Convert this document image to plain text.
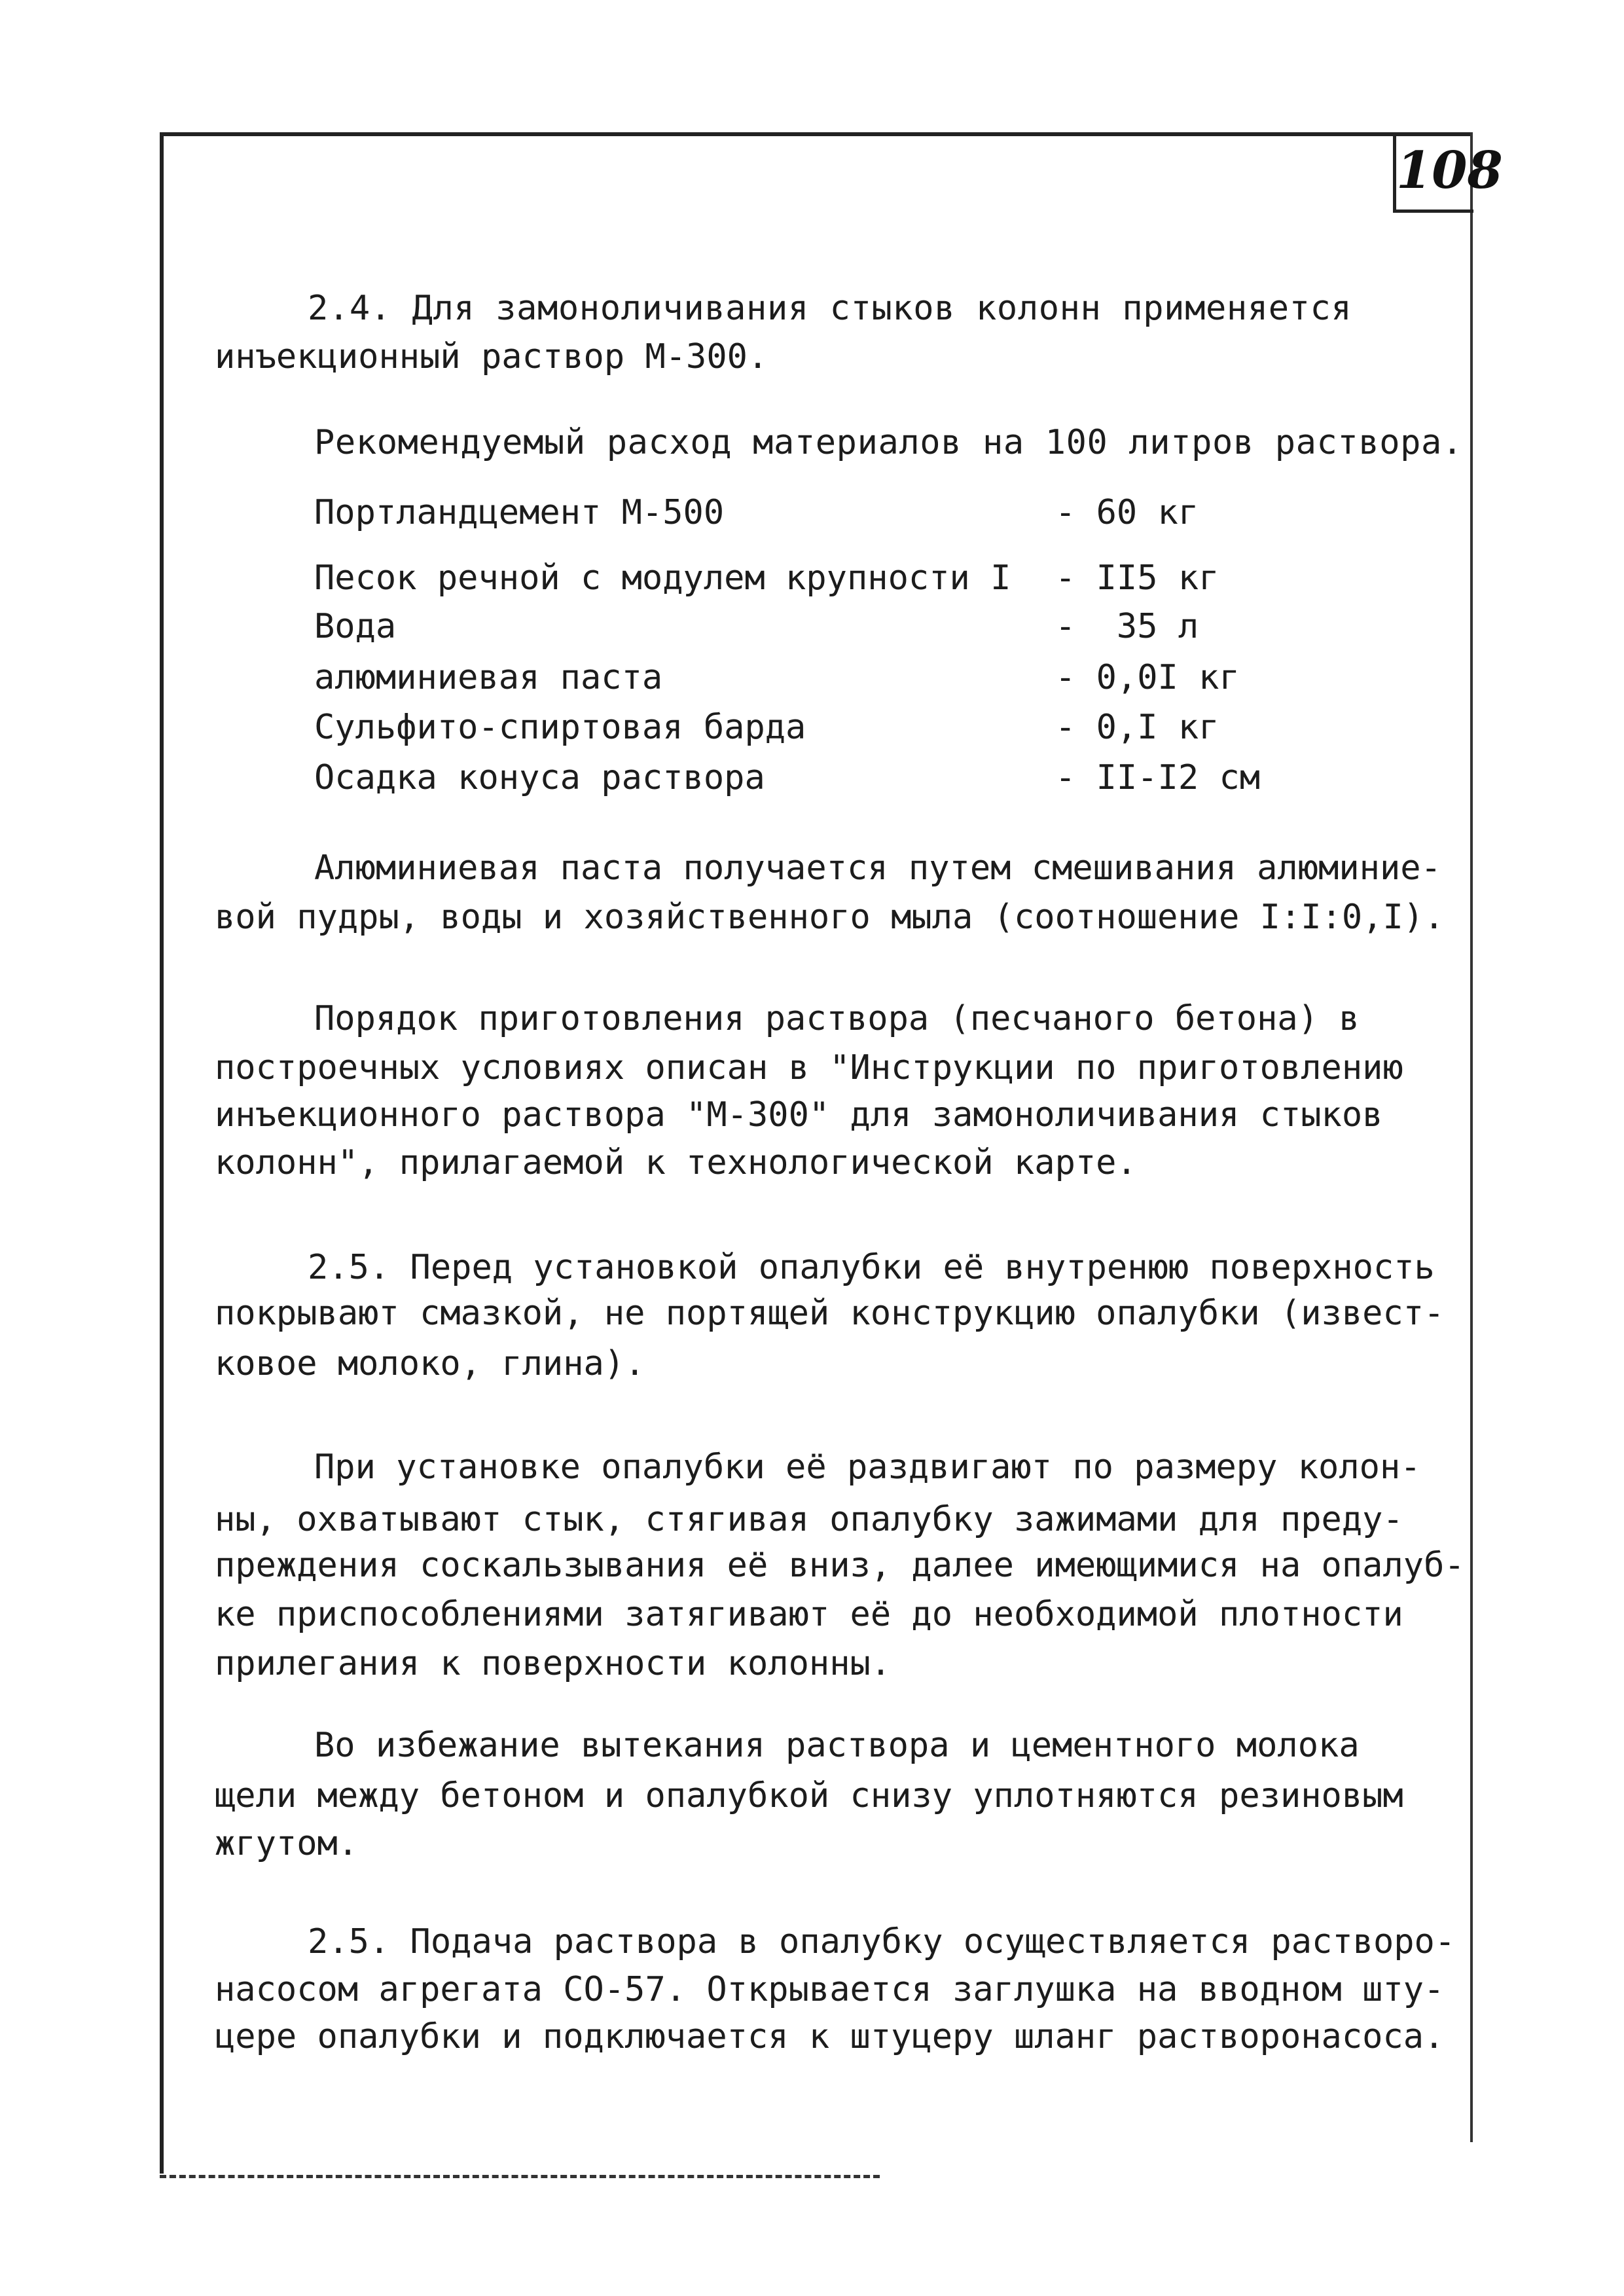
108
2.4. Для замоноличивания стыков колонн применяется
инъекционный раствор М-300.
Рекомендуемый расход материалов на 100 литров раствора.
Портландцемент М-500	- 60 кг
Песок речной с модулем крупности I - II5 кг
Вода	-  35 л
алюминиевая паста	- 0,0I кг
Сульфито-спиртовая барда	- 0,I кг
Осадка конуса раствора	- II-I2 см
Алюминиевая паста получается путем смешивания алюминие-
вой пудры, воды и хозяйственного мыла (соотношение I:I:0,I).
Порядок приготовления раствора (песчаного бетона) в
построечных условиях описан в "Инструкции по приготовлению
инъекционного раствора "М-300" для замоноличивания стыков
колонн", прилагаемой к технологической карте.
2.5. Перед установкой опалубки её внутренюю поверхность
покрывают смазкой, не портящей конструкцию опалубки (извест-
ковое молоко, глина).
При установке опалубки её раздвигают по размеру колон-
ны, охватывают стык, стягивая опалубку зажимами для преду-
преждения соскальзывания её вниз, далее имеющимися на опалуб-
ке приспособлениями затягивают её до необходимой плотности
прилегания к поверхности колонны.
Во избежание вытекания раствора и цементного молока
щели между бетоном и опалубкой снизу уплотняются резиновым
жгутом.
2.5. Подача раствора в опалубку осуществляется растворо-
насосом агрегата СО-57. Открывается заглушка на вводном шту-
цере опалубки и подключается к штуцеру шланг растворонасоса.
